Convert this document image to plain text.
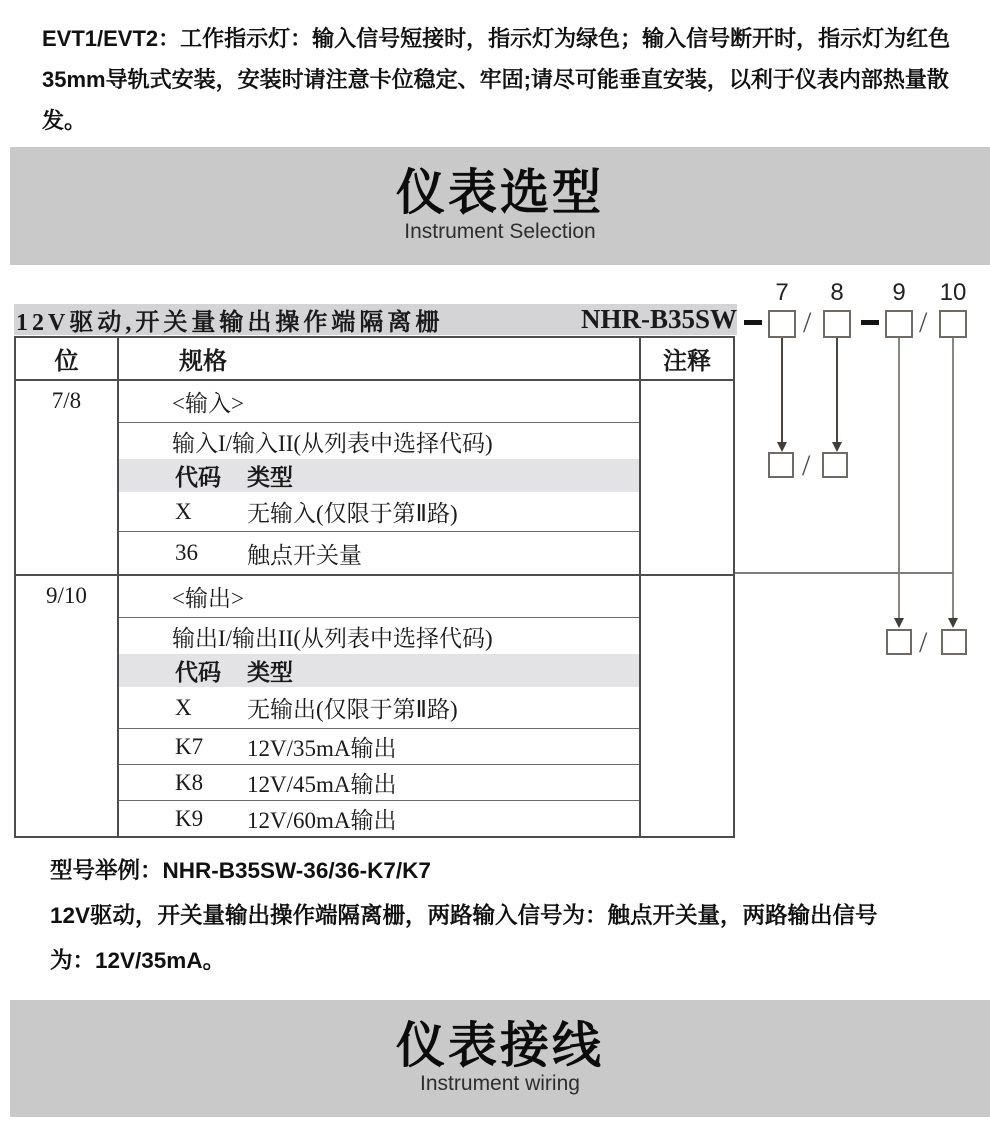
EVT1/EVT2：工作指示灯：输入信号短接时，指示灯为绿色；输入信号断开时，指示灯为红色
35mm导轨式安装，安装时请注意卡位稳定、牢固;请尽可能垂直安装，以利于仪表内部热量散发。
仪表选型
Instrument Selection
12V驱动,开关量输出操作端隔离栅	NHR-B35SW
7	8	9	10
/	/
/
/
位	规格	注释
7/8	<输入>
输入I/输入II(从列表中选择代码)
代码	类型
X	无输入(仅限于第Ⅱ路)
36	触点开关量
9/10	<输出>
输出I/输出II(从列表中选择代码)
代码	类型
X	无输出(仅限于第Ⅱ路)
K7	12V/35mA输出
K8	12V/45mA输出
K9	12V/60mA输出
型号举例：NHR-B35SW-36/36-K7/K7
12V驱动，开关量输出操作端隔离栅，两路输入信号为：触点开关量，两路输出信号
为：12V/35mA。
仪表接线
Instrument wiring
